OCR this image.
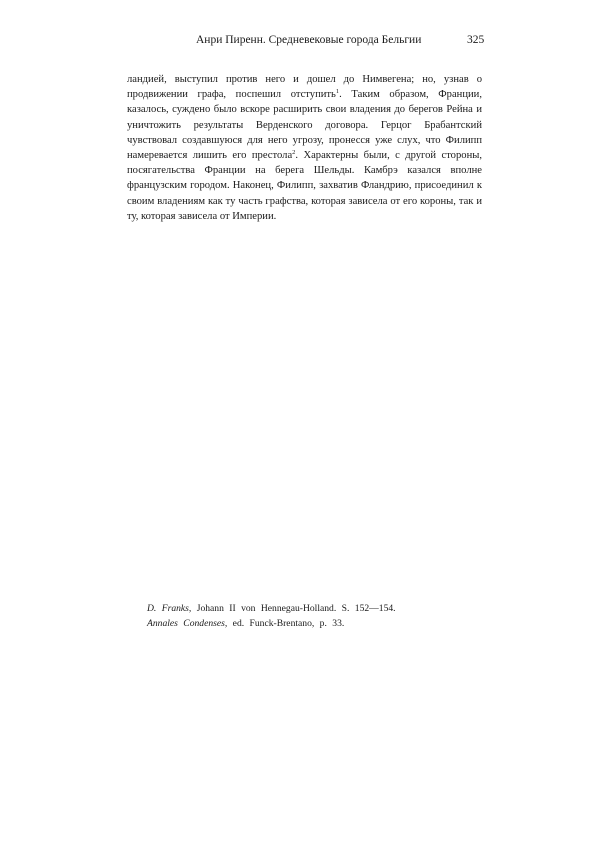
Анри Пиренн. Средневековые города Бельгии	325

ландией, выступил против него и дошел до Нимвегена; но, узнав о продвижении графа, поспешил отступить$^1$. Таким образом, Франции, казалось, суждено было вскоре расширить свои владения до берегов Рейна и уничтожить результаты Верденского договора. Герцог Брабантский чувствовал создавшуюся для него угрозу, пронесся уже слух, что Филипп намеревается лишить его престола$^2$. Характерны были, с другой стороны, посягательства Франции на берега Шельды. Камбрэ казался вполне французским городом. Наконец, Филипп, захватив Фландрию, присоединил к своим владениям как ту часть графства, которая зависела от его короны, так и ту, которая зависела от Империи.

D. Franks, Johann II von Hennegau-Holland. S. 152—154.

Annales Condenses, ed. Funck-Brentano, p. 33.
